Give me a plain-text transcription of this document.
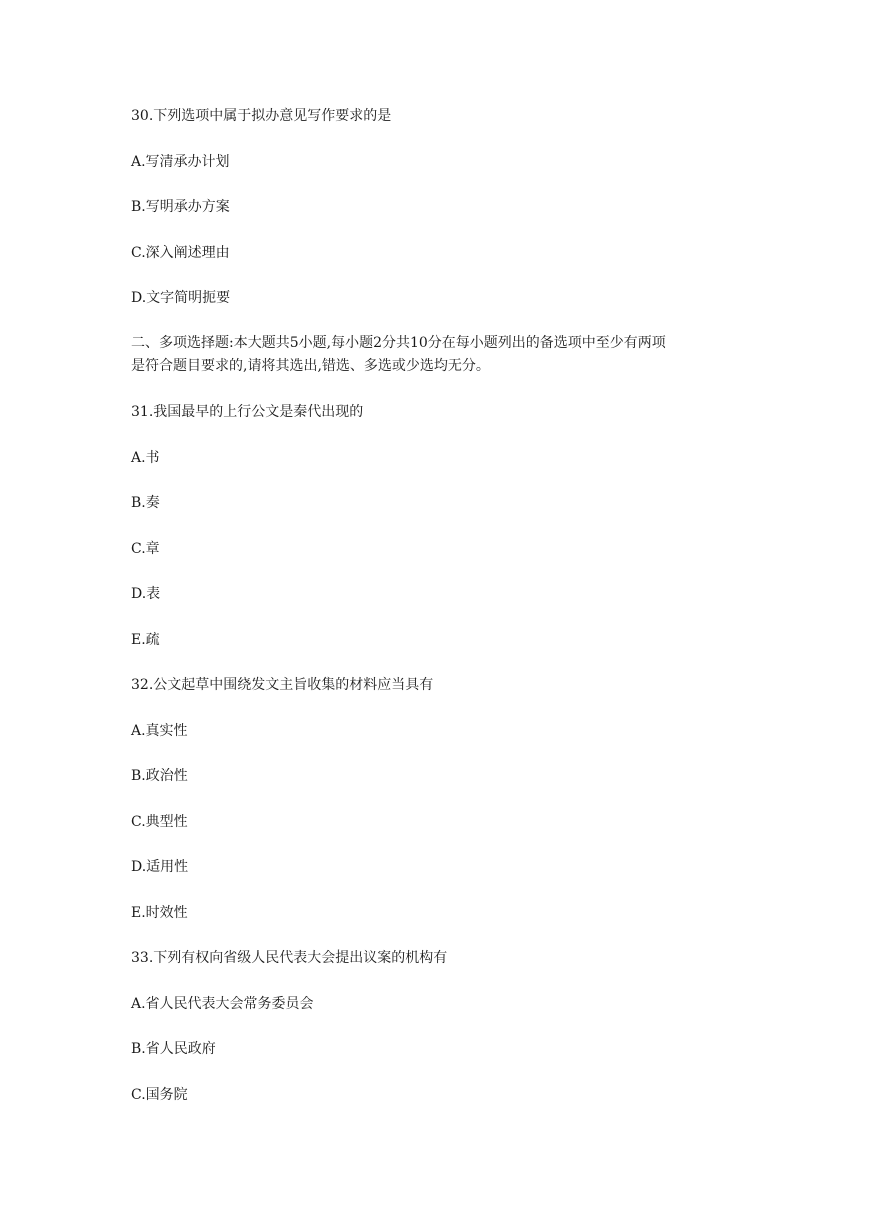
30.下列选项中属于拟办意见写作要求的是
A.写清承办计划
B.写明承办方案
C.深入阐述理由
D.文字简明扼要
二、多项选择题:本大题共5小题,每小题2分共10分在每小题列出的备选项中至少有两项
是符合题目要求的,请将其选出,错选、多选或少选均无分。
31.我国最早的上行公文是秦代出现的
A.书
B.奏
C.章
D.表
E.疏
32.公文起草中围绕发文主旨收集的材料应当具有
A.真实性
B.政治性
C.典型性
D.适用性
E.时效性
33.下列有权向省级人民代表大会提出议案的机构有
A.省人民代表大会常务委员会
B.省人民政府
C.国务院
